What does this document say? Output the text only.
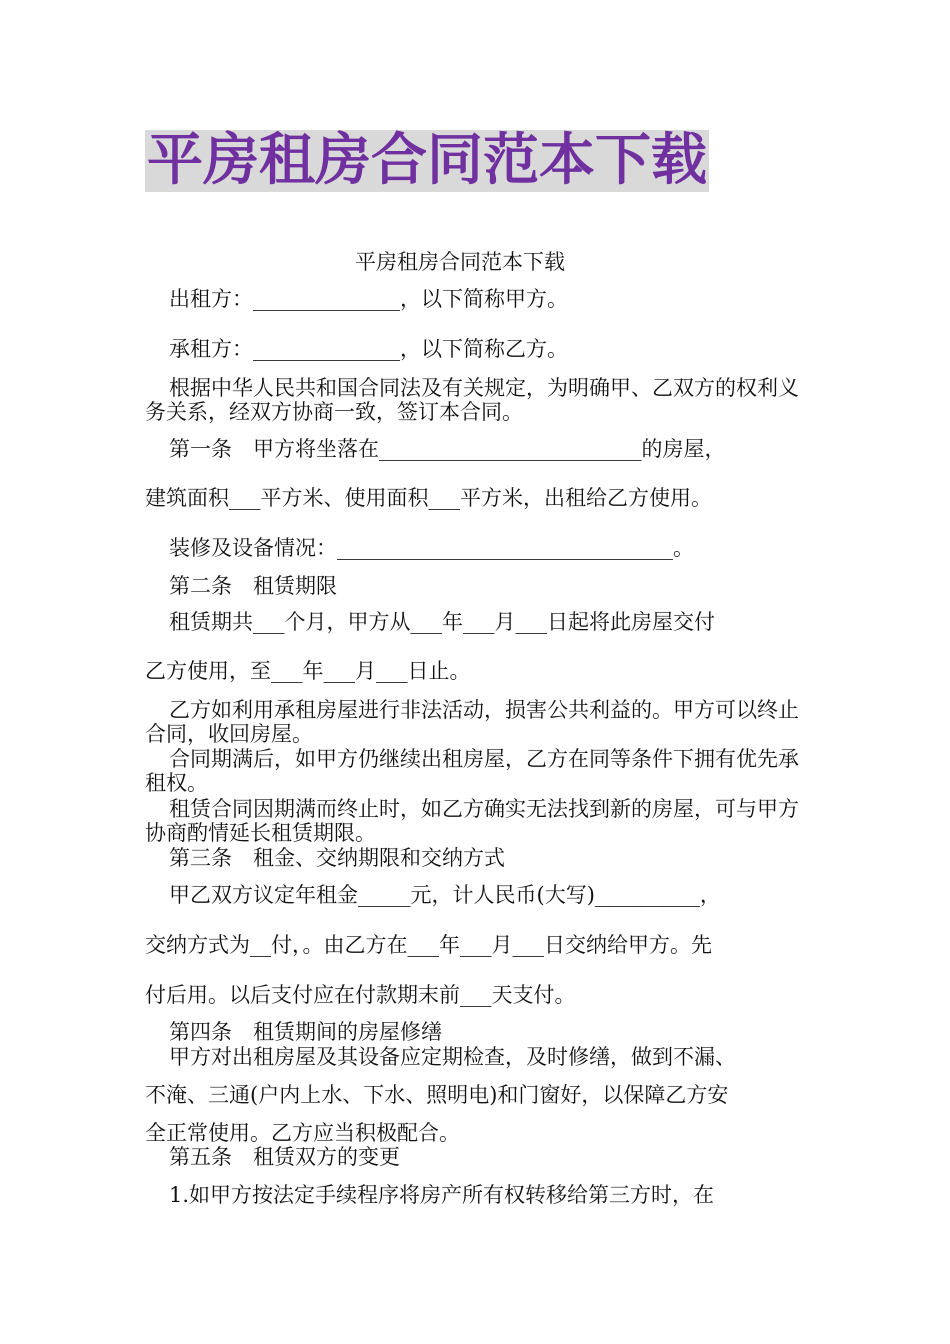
平房租房合同范本下载
平房租房合同范本下载
出租方：______________，以下简称甲方。
承租方：______________，以下简称乙方。
根据中华人民共和国合同法及有关规定，为明确甲、乙双方的权利义务关系，经双方协商一致，签订本合同。
第一条　甲方将坐落在_________________________的房屋，
建筑面积___平方米、使用面积___平方米，出租给乙方使用。
装修及设备情况：________________________________。
第二条　租赁期限
租赁期共___个月，甲方从___年___月___日起将此房屋交付
乙方使用，至___年___月___日止。
乙方如利用承租房屋进行非法活动，损害公共利益的。甲方可以终止合同，收回房屋。
合同期满后，如甲方仍继续出租房屋，乙方在同等条件下拥有优先承租权。
租赁合同因期满而终止时，如乙方确实无法找到新的房屋，可与甲方协商酌情延长租赁期限。
第三条　租金、交纳期限和交纳方式
甲乙双方议定年租金_____元，计人民币(大写)__________，
交纳方式为__付，。由乙方在___年___月___日交纳给甲方。先
付后用。以后支付应在付款期末前___天支付。
第四条　租赁期间的房屋修缮
甲方对出租房屋及其设备应定期检查，及时修缮，做到不漏、
不淹、三通(户内上水、下水、照明电)和门窗好，以保障乙方安
全正常使用。乙方应当积极配合。
第五条　租赁双方的变更
1.如甲方按法定手续程序将房产所有权转移给第三方时，在
